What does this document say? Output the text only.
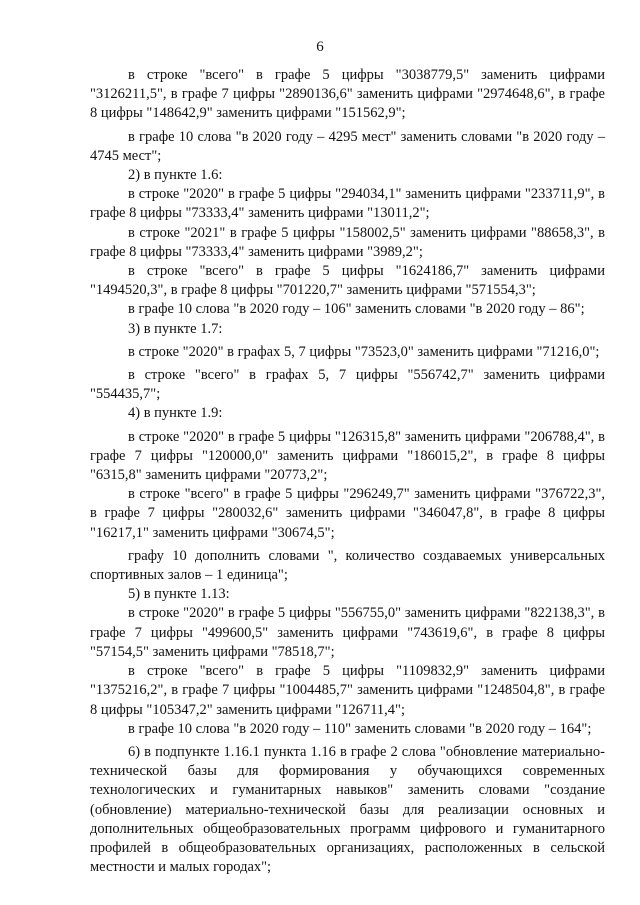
6

в строке "всего" в графе 5 цифры "3038779,5" заменить цифрами "3126211,5", в графе 7 цифры "2890136,6" заменить цифрами "2974648,6", в графе 8 цифры "148642,9" заменить цифрами "151562,9";

в графе 10 слова "в 2020 году – 4295 мест" заменить словами "в 2020 году – 4745 мест";

2) в пункте 1.6:

в строке "2020" в графе 5 цифры "294034,1" заменить цифрами "233711,9", в графе 8 цифры "73333,4" заменить цифрами "13011,2";

в строке "2021" в графе 5 цифры "158002,5" заменить цифрами "88658,3", в графе 8 цифры "73333,4" заменить цифрами "3989,2";

в строке "всего" в графе 5 цифры "1624186,7" заменить цифрами "1494520,3", в графе 8 цифры "701220,7" заменить цифрами "571554,3";

в графе 10 слова "в 2020 году – 106" заменить словами "в 2020 году – 86";

3) в пункте 1.7:

в строке "2020" в графах 5, 7 цифры "73523,0" заменить цифрами "71216,0";

в строке "всего" в графах 5, 7 цифры "556742,7" заменить цифрами "554435,7";

4) в пункте 1.9:

в строке "2020" в графе 5 цифры "126315,8" заменить цифрами "206788,4", в графе 7 цифры "120000,0" заменить цифрами "186015,2", в графе 8 цифры "6315,8" заменить цифрами "20773,2";

в строке "всего" в графе 5 цифры "296249,7" заменить цифрами "376722,3", в графе 7 цифры "280032,6" заменить цифрами "346047,8", в графе 8 цифры "16217,1" заменить цифрами "30674,5";

графу 10 дополнить словами ", количество создаваемых универсальных спортивных залов – 1 единица";

5) в пункте 1.13:

в строке "2020" в графе 5 цифры "556755,0" заменить цифрами "822138,3", в графе 7 цифры "499600,5" заменить цифрами "743619,6", в графе 8 цифры "57154,5" заменить цифрами "78518,7";

в строке "всего" в графе 5 цифры "1109832,9" заменить цифрами "1375216,2", в графе 7 цифры "1004485,7" заменить цифрами "1248504,8", в графе 8 цифры "105347,2" заменить цифрами "126711,4";

в графе 10 слова "в 2020 году – 110" заменить словами "в 2020 году – 164";

6) в подпункте 1.16.1 пункта 1.16 в графе 2 слова "обновление материально-технической базы для формирования у обучающихся современных технологических и гуманитарных навыков" заменить словами "создание (обновление) материально-технической базы для реализации основных и дополнительных общеобразовательных программ цифрового и гуманитарного профилей в общеобразовательных организациях, расположенных в сельской местности и малых городах";
